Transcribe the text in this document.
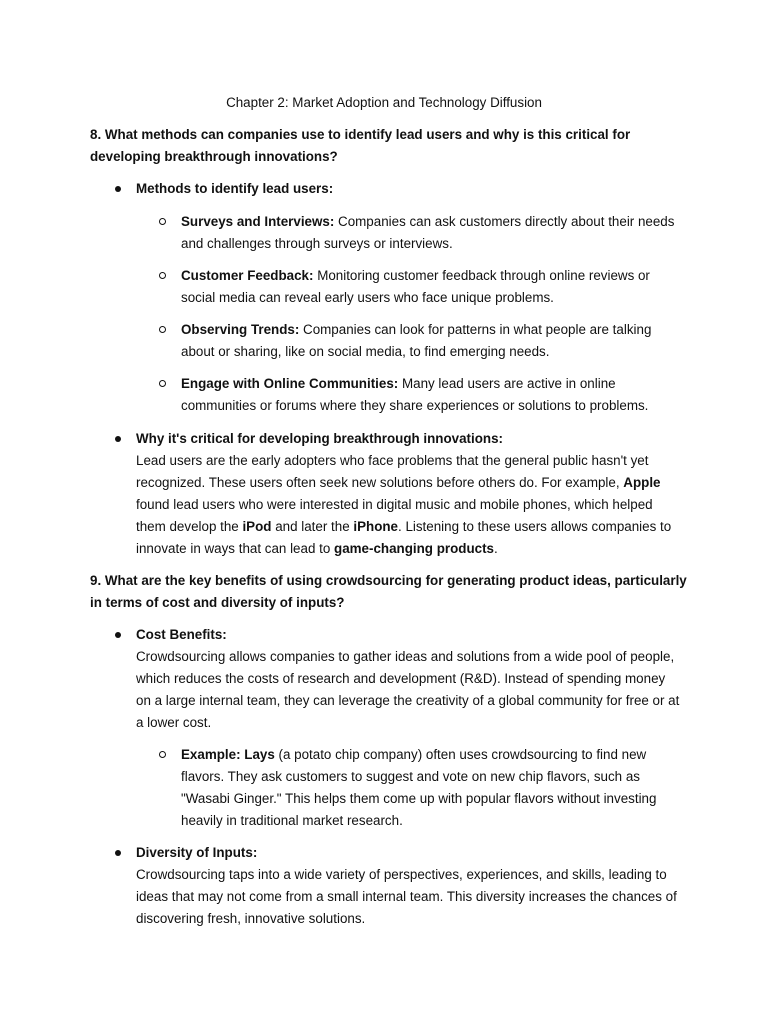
Chapter 2: Market Adoption and Technology Diffusion
8. What methods can companies use to identify lead users and why is this critical for developing breakthrough innovations?
Methods to identify lead users:
Surveys and Interviews: Companies can ask customers directly about their needs and challenges through surveys or interviews.
Customer Feedback: Monitoring customer feedback through online reviews or social media can reveal early users who face unique problems.
Observing Trends: Companies can look for patterns in what people are talking about or sharing, like on social media, to find emerging needs.
Engage with Online Communities: Many lead users are active in online communities or forums where they share experiences or solutions to problems.
Why it's critical for developing breakthrough innovations:
Lead users are the early adopters who face problems that the general public hasn't yet recognized. These users often seek new solutions before others do. For example, Apple found lead users who were interested in digital music and mobile phones, which helped them develop the iPod and later the iPhone. Listening to these users allows companies to innovate in ways that can lead to game-changing products.
9. What are the key benefits of using crowdsourcing for generating product ideas, particularly in terms of cost and diversity of inputs?
Cost Benefits:
Crowdsourcing allows companies to gather ideas and solutions from a wide pool of people, which reduces the costs of research and development (R&D). Instead of spending money on a large internal team, they can leverage the creativity of a global community for free or at a lower cost.
Example: Lays (a potato chip company) often uses crowdsourcing to find new flavors. They ask customers to suggest and vote on new chip flavors, such as "Wasabi Ginger." This helps them come up with popular flavors without investing heavily in traditional market research.
Diversity of Inputs:
Crowdsourcing taps into a wide variety of perspectives, experiences, and skills, leading to ideas that may not come from a small internal team. This diversity increases the chances of discovering fresh, innovative solutions.
